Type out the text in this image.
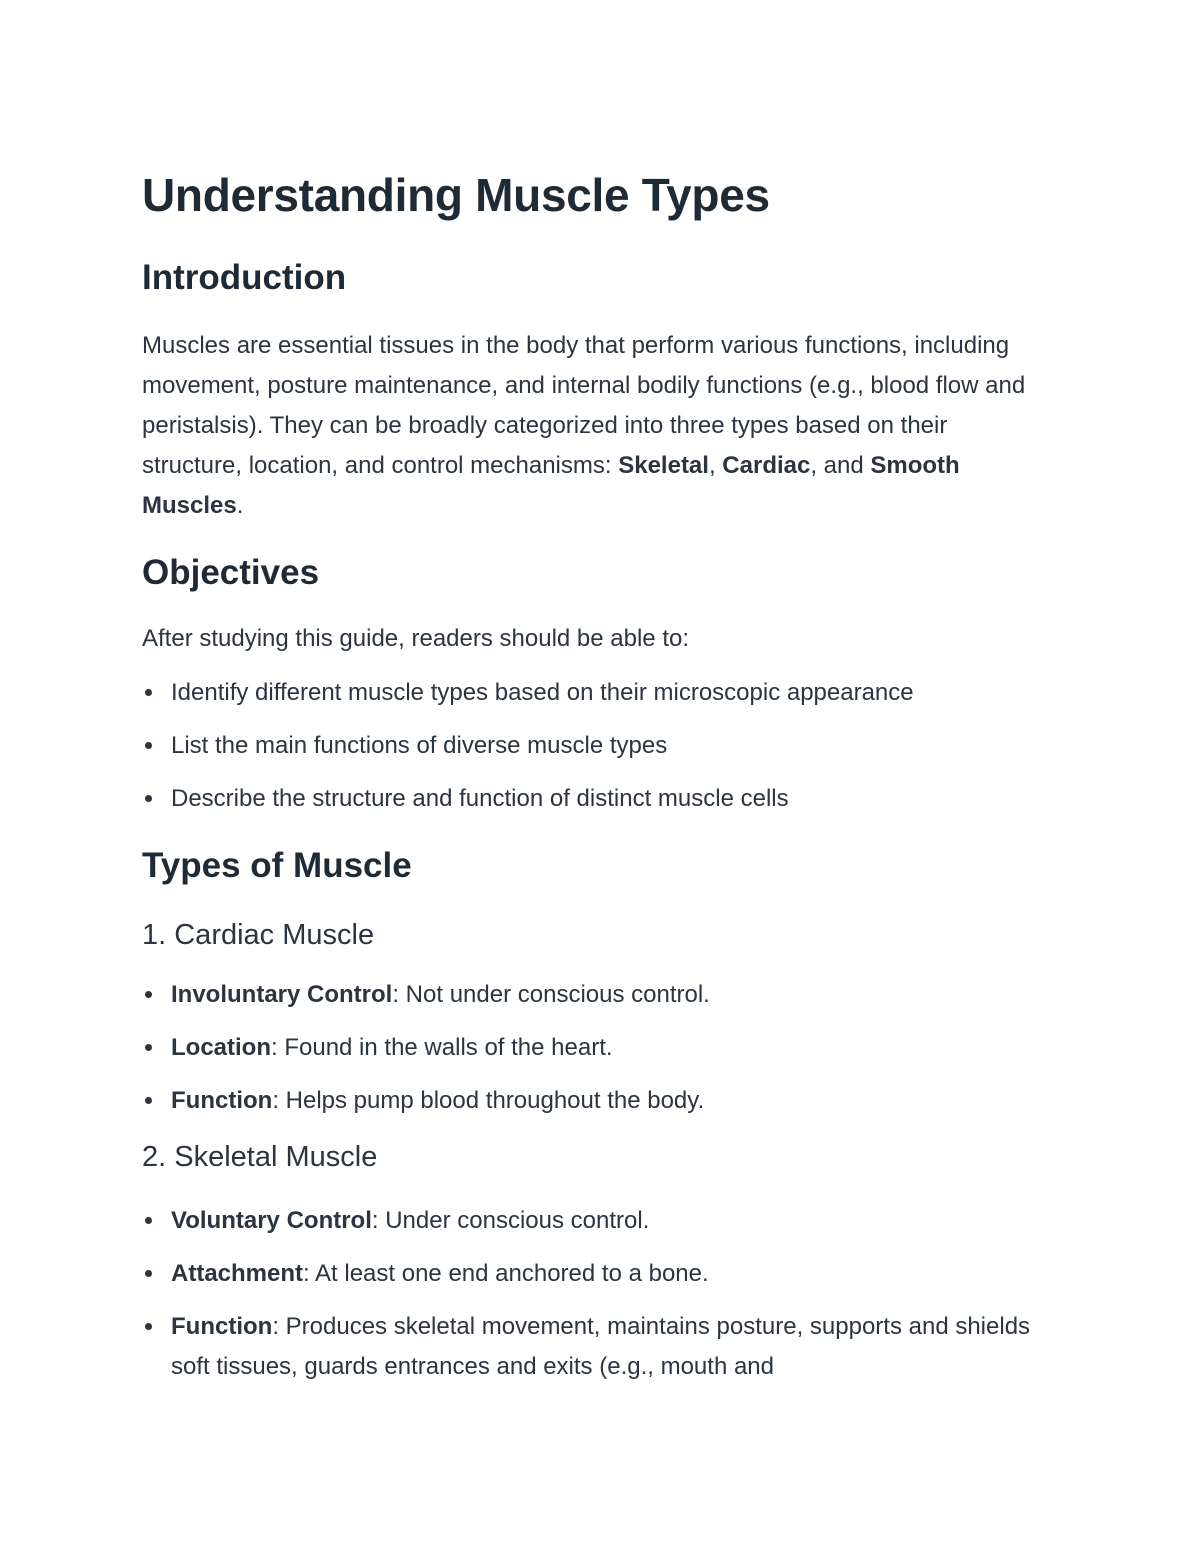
Understanding Muscle Types
Introduction

Muscles are essential tissues in the body that perform various functions, including movement, posture maintenance, and internal bodily functions (e.g., blood flow and peristalsis). They can be broadly categorized into three types based on their structure, location, and control mechanisms: Skeletal, Cardiac, and Smooth Muscles.

Objectives

After studying this guide, readers should be able to:

Identify different muscle types based on their microscopic appearance
List the main functions of diverse muscle types
Describe the structure and function of distinct muscle cells
Types of Muscle
1. Cardiac Muscle
Involuntary Control: Not under conscious control.
Location: Found in the walls of the heart.
Function: Helps pump blood throughout the body.
2. Skeletal Muscle
Voluntary Control: Under conscious control.
Attachment: At least one end anchored to a bone.
Function: Produces skeletal movement, maintains posture, supports and shields soft tissues, guards entrances and exits (e.g., mouth and
